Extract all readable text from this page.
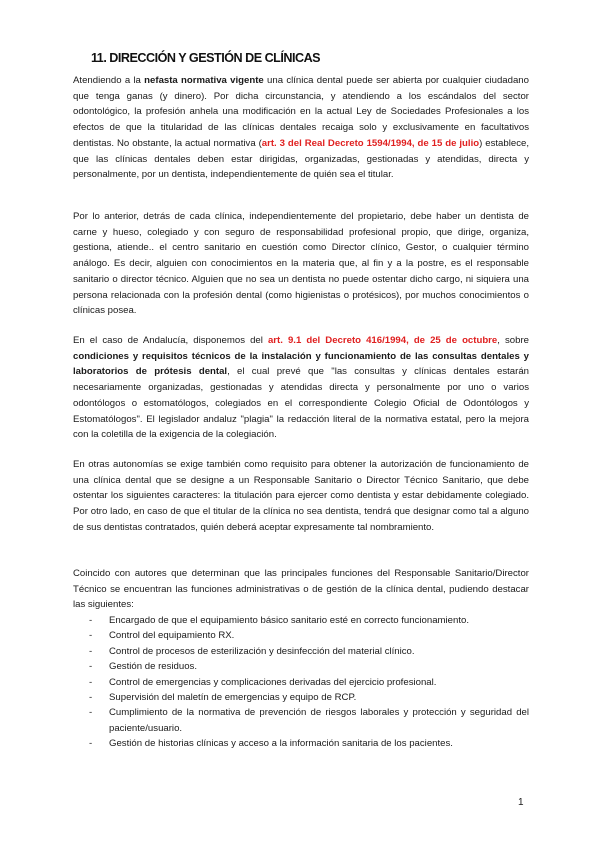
11. DIRECCIÓN Y GESTIÓN DE CLÍNICAS

Atendiendo a la nefasta normativa vigente una clínica dental puede ser abierta por cualquier ciudadano que tenga ganas (y dinero). Por dicha circunstancia, y atendiendo a los escándalos del sector odontológico, la profesión anhela una modificación en la actual Ley de Sociedades Profesionales a los efectos de que la titularidad de las clínicas dentales recaiga solo y exclusivamente en facultativos dentistas. No obstante, la actual normativa (art. 3 del Real Decreto 1594/1994, de 15 de julio) establece, que las clínicas dentales deben estar dirigidas, organizadas, gestionadas y atendidas, directa y personalmente, por un dentista, independientemente de quién sea el titular.

Por lo anterior, detrás de cada clínica, independientemente del propietario, debe haber un dentista de carne y hueso, colegiado y con seguro de responsabilidad profesional propio, que dirige, organiza, gestiona, atiende.. el centro sanitario en cuestión como Director clínico, Gestor, o cualquier término análogo. Es decir, alguien con conocimientos en la materia que, al fin y a la postre, es el responsable sanitario o director técnico. Alguien que no sea un dentista no puede ostentar dicho cargo, ni siquiera una persona relacionada con la profesión dental (como higienistas o protésicos), por muchos conocimientos o clínicas posea.

En el caso de Andalucía, disponemos del art. 9.1 del Decreto 416/1994, de 25 de octubre, sobre condiciones y requisitos técnicos de la instalación y funcionamiento de las consultas dentales y laboratorios de prótesis dental, el cual prevé que "las consultas y clínicas dentales estarán necesariamente organizadas, gestionadas y atendidas directa y personalmente por uno o varios odontólogos o estomatólogos, colegiados en el correspondiente Colegio Oficial de Odontólogos y Estomatólogos". El legislador andaluz "plagia" la redacción literal de la normativa estatal, pero la mejora con la coletilla de la exigencia de la colegiación.

En otras autonomías se exige también como requisito para obtener la autorización de funcionamiento de una clínica dental que se designe a un Responsable Sanitario o Director Técnico Sanitario, que debe ostentar los siguientes caracteres: la titulación para ejercer como dentista y estar debidamente colegiado. Por otro lado, en caso de que el titular de la clínica no sea dentista, tendrá que designar como tal a alguno de sus dentistas contratados, quién deberá aceptar expresamente tal nombramiento.

Coincido con autores que determinan que las principales funciones del Responsable Sanitario/Director Técnico se encuentran las funciones administrativas o de gestión de la clínica dental, pudiendo destacar las siguientes:

- Encargado de que el equipamiento básico sanitario esté en correcto funcionamiento.
- Control del equipamiento RX.
- Control de procesos de esterilización y desinfección del material clínico.
- Gestión de residuos.
- Control de emergencias y complicaciones derivadas del ejercicio profesional.
- Supervisión del maletín de emergencias y equipo de RCP.
- Cumplimiento de la normativa de prevención de riesgos laborales y protección y seguridad del paciente/usuario.
- Gestión de historias clínicas y acceso a la información sanitaria de los pacientes.
1
